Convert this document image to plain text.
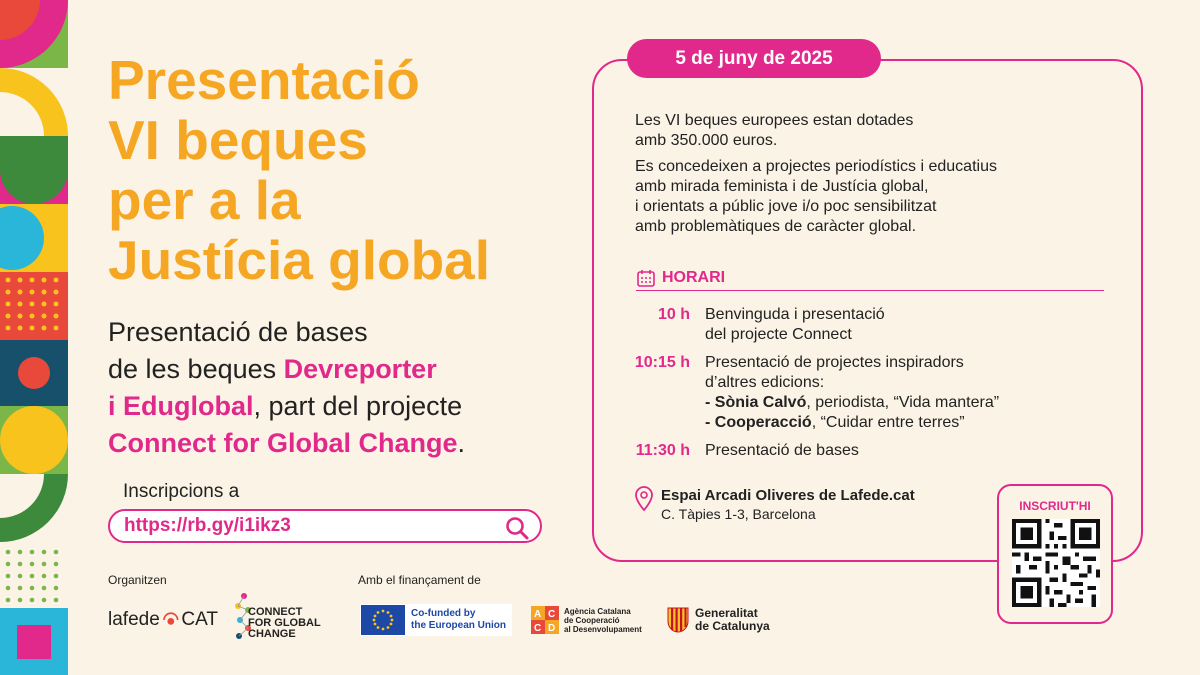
Presentació
VI beques
per a la
Justícia global
Presentació de bases
de les beques Devreporter
i Eduglobal, part del projecte
Connect for Global Change.
Inscripcions a
https://rb.gy/i1ikz3
Organitzen	Amb el finançament de
lafede CAT	CONNECT
FOR GLOBAL
CHANGE
Co-funded by
the European Union
A C
C D
Agència Catalana
de Cooperació
al Desenvolupament
Generalitat
de Catalunya
5 de juny de 2025

Les VI beques europees estan dotades
amb 350.000 euros.

Es concedeixen a projectes periodístics i educatius
amb mirada feminista i de Justícia global,
i orientats a públic jove i/o poc sensibilitzat
amb problemàtiques de caràcter global.

HORARI
10 h Benvinguda i presentació
del projecte Connect
10:15 h Presentació de projectes inspiradors
d’altres edicions:
- Sònia Calvó, periodista, “Vida mantera”
- Cooperacció, “Cuidar entre terres”
11:30 h Presentació de bases
Espai Arcadi Oliveres de Lafede.cat
C. Tàpies 1-3, Barcelona	INSCRIUT'HI
